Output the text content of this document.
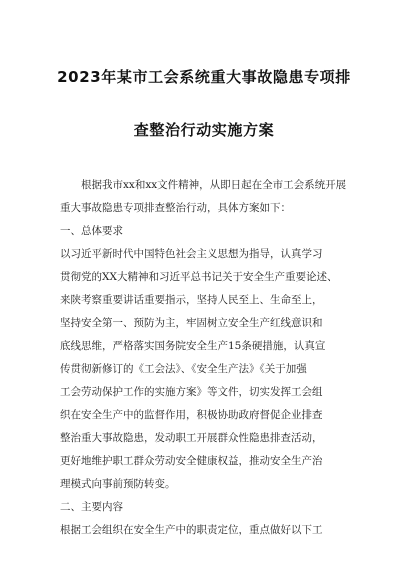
2023年某市工会系统重大事故隐患专项排
查整治行动实施方案

根据我市xx和xx文件精神，从即日起在全市工会系统开展

重大事故隐患专项排查整治行动，具体方案如下：

一、总体要求

以习近平新时代中国特色社会主义思想为指导，认真学习

贯彻党的XX大精神和习近平总书记关于安全生产重要论述、

来陕考察重要讲话重要指示，坚持人民至上、生命至上，

坚持安全第一、预防为主，牢固树立安全生产红线意识和

底线思维，严格落实国务院安全生产15条硬措施，认真宣

传贯彻新修订的《工会法》、《安全生产法》《关于加强

工会劳动保护工作的实施方案》等文件，切实发挥工会组

织在安全生产中的监督作用，积极协助政府督促企业排查

整治重大事故隐患，发动职工开展群众性隐患排查活动，

更好地维护职工群众劳动安全健康权益，推动安全生产治

理模式向事前预防转变。

二、主要内容

根据工会组织在安全生产中的职责定位，重点做好以下工
